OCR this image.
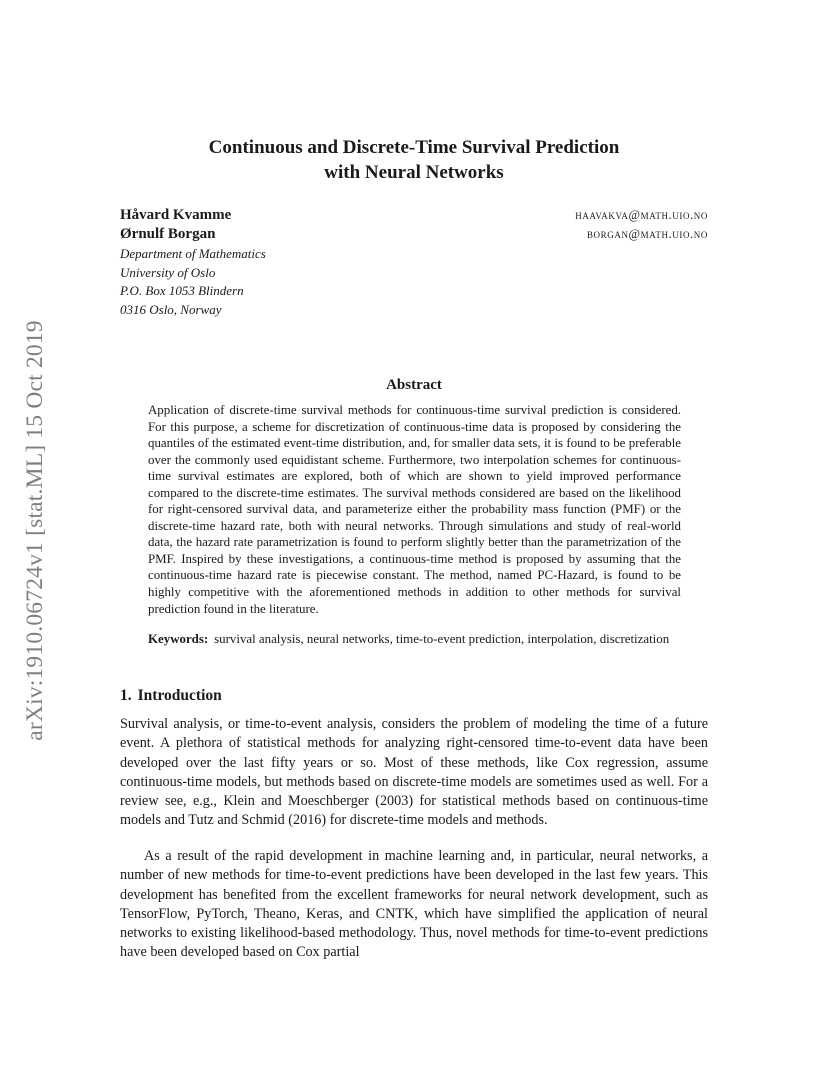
arXiv:1910.06724v1 [stat.ML] 15 Oct 2019
Continuous and Discrete-Time Survival Prediction
with Neural Networks
Håvard Kvamme	haavakva@math.uio.no
Ørnulf Borgan	borgan@math.uio.no
Department of Mathematics
University of Oslo
P.O. Box 1053 Blindern
0316 Oslo, Norway
Abstract

Application of discrete-time survival methods for continuous-time survival prediction is considered. For this purpose, a scheme for discretization of continuous-time data is proposed by considering the quantiles of the estimated event-time distribution, and, for smaller data sets, it is found to be preferable over the commonly used equidistant scheme. Furthermore, two interpolation schemes for continuous-time survival estimates are explored, both of which are shown to yield improved performance compared to the discrete-time estimates. The survival methods considered are based on the likelihood for right-censored survival data, and parameterize either the probability mass function (PMF) or the discrete-time hazard rate, both with neural networks. Through simulations and study of real-world data, the hazard rate parametrization is found to perform slightly better than the parametrization of the PMF. Inspired by these investigations, a continuous-time method is proposed by assuming that the continuous-time hazard rate is piecewise constant. The method, named PC-Hazard, is found to be highly competitive with the aforementioned methods in addition to other methods for survival prediction found in the literature.

Keywords: survival analysis, neural networks, time-to-event prediction, interpolation, discretization

1. Introduction

Survival analysis, or time-to-event analysis, considers the problem of modeling the time of a future event. A plethora of statistical methods for analyzing right-censored time-to-event data have been developed over the last fifty years or so. Most of these methods, like Cox regression, assume continuous-time models, but methods based on discrete-time models are sometimes used as well. For a review see, e.g., Klein and Moeschberger (2003) for statistical methods based on continuous-time models and Tutz and Schmid (2016) for discrete-time models and methods.

As a result of the rapid development in machine learning and, in particular, neural networks, a number of new methods for time-to-event predictions have been developed in the last few years. This development has benefited from the excellent frameworks for neural network development, such as TensorFlow, PyTorch, Theano, Keras, and CNTK, which have simplified the application of neural networks to existing likelihood-based methodology. Thus, novel methods for time-to-event predictions have been developed based on Cox partial
